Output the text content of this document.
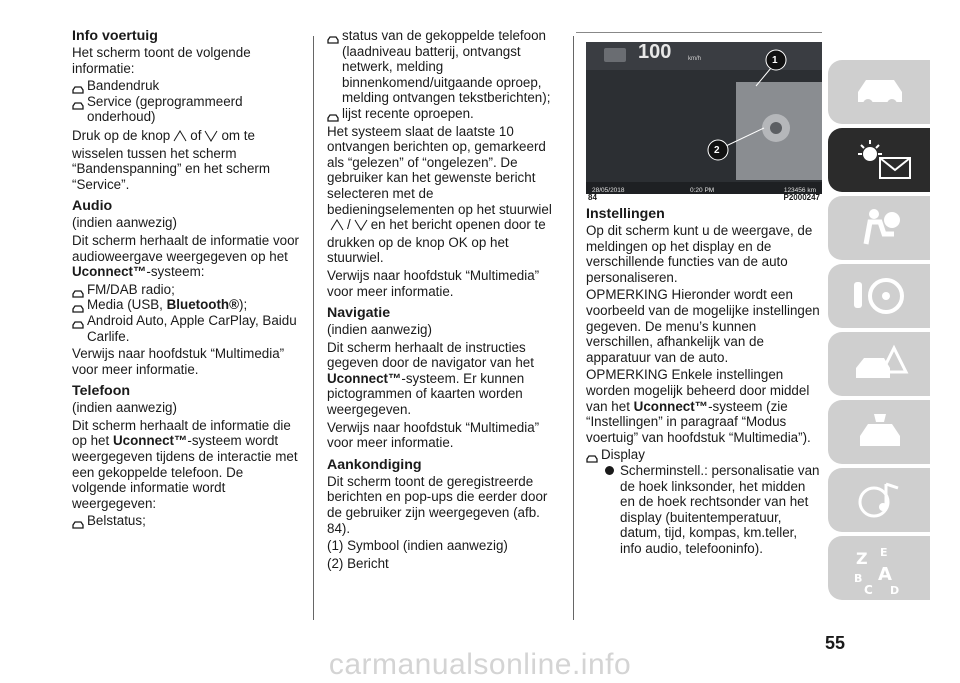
Info voertuig

Het scherm toont de volgende informatie:

Bandendruk
Service (geprogrammeerd onderhoud)

Druk op de knop of om te wisselen tussen het scherm “Bandenspanning” en het scherm “Service”.

Audio

(indien aanwezig)

Dit scherm herhaalt de informatie voor audioweergave weergegeven op het Uconnect™-systeem:

FM/DAB radio;
Media (USB, Bluetooth®);
Android Auto, Apple CarPlay, Baidu Carlife.

Verwijs naar hoofdstuk “Multimedia” voor meer informatie.

Telefoon

(indien aanwezig)

Dit scherm herhaalt de informatie die op het Uconnect™-systeem wordt weergegeven tijdens de interactie met een gekoppelde telefoon. De volgende informatie wordt weergegeven:

Belstatus;
status van de gekoppelde telefoon (laadniveau batterij, ontvangst netwerk, melding binnenkomend/uitgaande oproep, melding ontvangen tekstberichten);
lijst recente oproepen.

Het systeem slaat de laatste 10 ontvangen berichten op, gemarkeerd als “gelezen” of “ongelezen”. De gebruiker kan het gewenste bericht selecteren met de bedieningselementen op het stuurwiel / en het bericht openen door te drukken op de knop OK op het stuurwiel.

Verwijs naar hoofdstuk “Multimedia” voor meer informatie.

Navigatie

(indien aanwezig)

Dit scherm herhaalt de instructies gegeven door de navigator van het Uconnect™-systeem. Er kunnen pictogrammen of kaarten worden weergegeven.

Verwijs naar hoofdstuk “Multimedia” voor meer informatie.

Aankondiging

Dit scherm toont de geregistreerde berichten en pop-ups die eerder door de gebruiker zijn weergegeven (afb. 84).

(1) Symbool (indien aanwezig)

(2) Bericht

100	km/h
28/05/2018	0:20 PM	123456 km
1
2
84	P2000247
Instellingen

Op dit scherm kunt u de weergave, de meldingen op het display en de verschillende functies van de auto personaliseren.

OPMERKING Hieronder wordt een voorbeeld van de mogelijke instellingen gegeven. De menu’s kunnen verschillen, afhankelijk van de apparatuur van de auto.

OPMERKING Enkele instellingen worden mogelijk beheerd door middel van het Uconnect™-systeem (zie “Instellingen” in paragraaf “Modus voertuig” van hoofdstuk “Multimedia”).

Display
Scherminstell.: personalisatie van de hoek linksonder, het midden en de hoek rechtsonder van het display (buitentemperatuur, datum, tijd, kompas, km.teller, info audio, telefooninfo).
Z E
B A
C D
55
carmanualsonline.info
